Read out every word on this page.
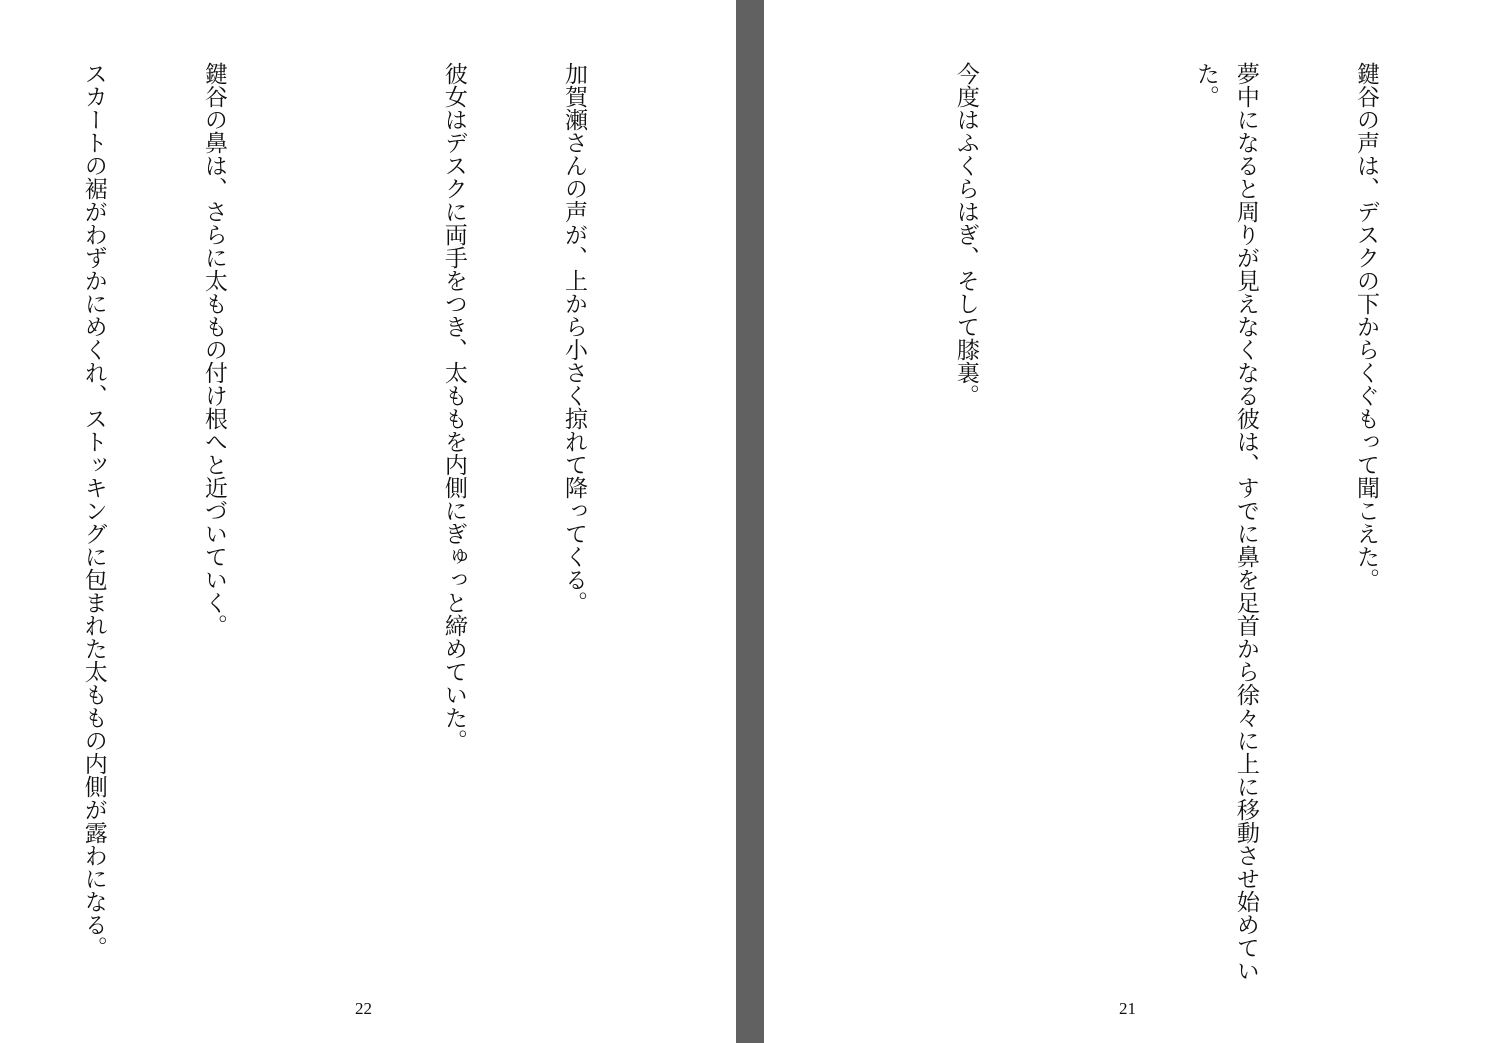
加賀瀬さんの声が、上から小さく掠れて降ってくる。

彼女はデスクに両手をつき、太ももを内側にぎゅっと締めていた。

鍵谷の鼻は、さらに太ももの付け根へと近づいていく。

スカートの裾がわずかにめくれ、ストッキングに包まれた太ももの内側が露わになる。

22

鍵谷の声は、デスクの下からくぐもって聞こえた。

夢中になると周りが見えなくなる彼は、すでに鼻を足首から徐々に上に移動させ始めていた。

今度はふくらはぎ、そして膝裏。

21
